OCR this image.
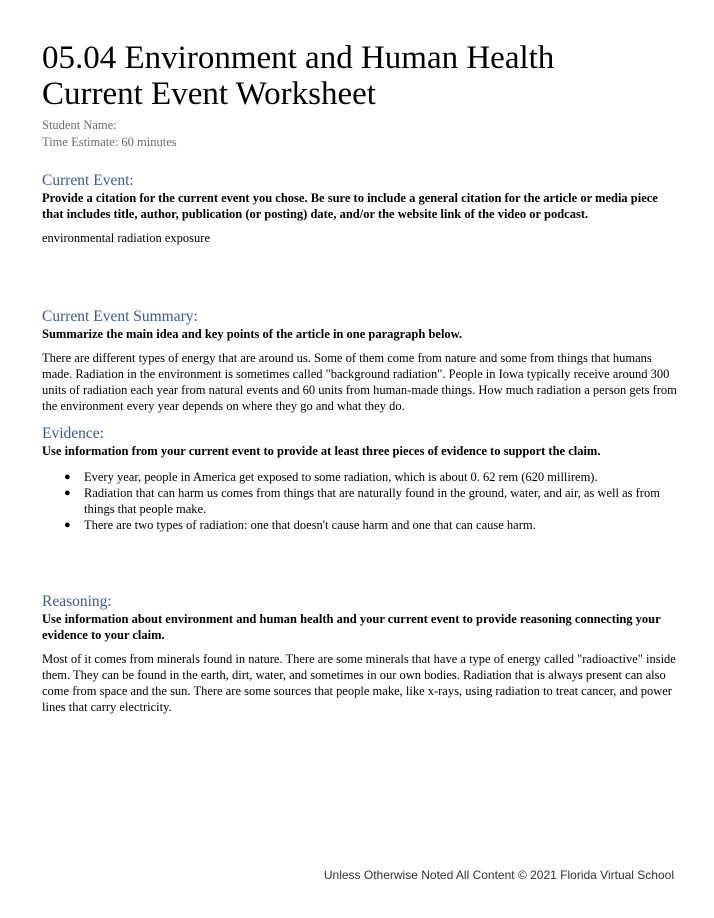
05.04 Environment and Human Health
Current Event Worksheet

Student Name:

Time Estimate: 60 minutes

Current Event:

Provide a citation for the current event you chose. Be sure to include a general citation for the article or media piece that includes title, author, publication (or posting) date, and/or the website link of the video or podcast.

environmental radiation exposure

Current Event Summary:

Summarize the main idea and key points of the article in one paragraph below.

There are different types of energy that are around us. Some of them come from nature and some from things that humans made. Radiation in the environment is sometimes called "background radiation". People in Iowa typically receive around 300 units of radiation each year from natural events and 60 units from human-made things. How much radiation a person gets from the environment every year depends on where they go and what they do.

Evidence:

Use information from your current event to provide at least three pieces of evidence to support the claim.

● Every year, people in America get exposed to some radiation, which is about 0. 62 rem (620 millirem).
● Radiation that can harm us comes from things that are naturally found in the ground, water, and air, as well as from things that people make.
● There are two types of radiation: one that doesn't cause harm and one that can cause harm.
Reasoning:

Use information about environment and human health and your current event to provide reasoning connecting your evidence to your claim.

Most of it comes from minerals found in nature. There are some minerals that have a type of energy called "radioactive" inside them. They can be found in the earth, dirt, water, and sometimes in our own bodies. Radiation that is always present can also come from space and the sun. There are some sources that people make, like x-rays, using radiation to treat cancer, and power lines that carry electricity.

Unless Otherwise Noted All Content © 2021 Florida Virtual School
